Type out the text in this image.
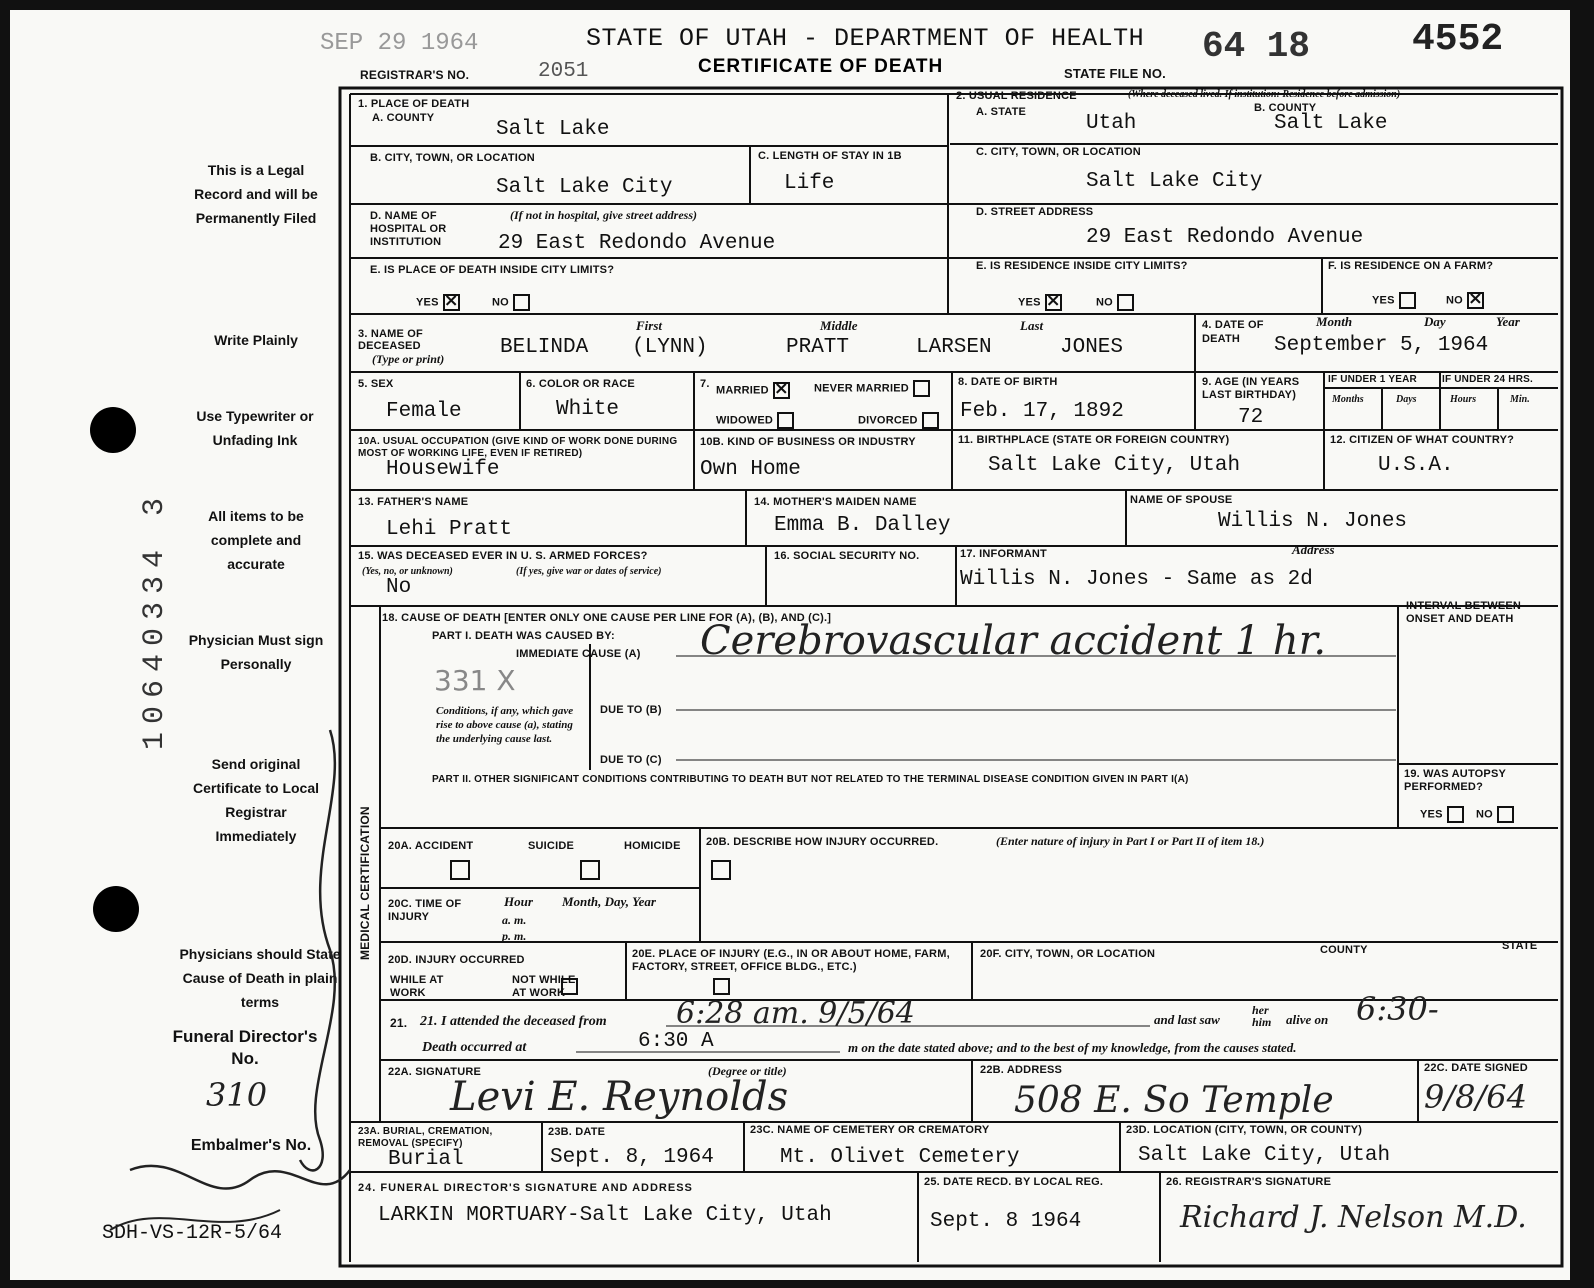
SEP 29 1964	STATE OF UTAH - DEPARTMENT OF HEALTH
REGISTRAR'S NO.	2051	CERTIFICATE OF DEATH	STATE FILE NO.
64 18	4552
This is a Legal Record and will be Permanently Filed
Write Plainly
Use Typewriter or Unfading Ink
All items to be complete and accurate
Physician Must sign Personally
Send original Certificate to Local Registrar Immediately
Physicians should State Cause of Death in plain terms
Funeral Director's No.
310
Embalmer's No.
SDH-VS-12R-5/64
10640334 3
MEDICAL CERTIFICATION
1. PLACE OF DEATH
A. COUNTY	Salt Lake
B. CITY, TOWN, OR LOCATION
Salt Lake City
C. LENGTH OF STAY IN 1B
Life
D. NAME OF HOSPITAL OR INSTITUTION
(If not in hospital, give street address)
29 East Redondo Avenue
E. IS PLACE OF DEATH INSIDE CITY LIMITS?
YES ×	NO
2. USUAL RESIDENCE	(Where deceased lived. If institution: Residence before admission)
A. STATE	Utah
B. COUNTY
Salt Lake
C. CITY, TOWN, OR LOCATION
Salt Lake City
D. STREET ADDRESS
29 East Redondo Avenue
E. IS RESIDENCE INSIDE CITY LIMITS?
YES ×	NO
F. IS RESIDENCE ON A FARM?
YES	NO×
3. NAME OF DECEASED
(Type or print)
First	Middle	Last
BELINDA (LYNN)	PRATT	LARSEN	JONES
4. DATE OF DEATH
Month	Day	Year
September 5, 1964
5. SEX
Female
6. COLOR OR RACE
White
7.
MARRIED ×	NEVER MARRIED
WIDOWED	DIVORCED
8. DATE OF BIRTH
Feb. 17, 1892
9. AGE (IN YEARS LAST BIRTHDAY)
72
IF UNDER 1 YEAR	IF UNDER 24 HRS.
Months	Days	Hours	Min.
10A. USUAL OCCUPATION (GIVE KIND OF WORK DONE DURING MOST OF WORKING LIFE, EVEN IF RETIRED)
Housewife
10B. KIND OF BUSINESS OR INDUSTRY
Own Home
11. BIRTHPLACE (STATE OR FOREIGN COUNTRY)
Salt Lake City, Utah
12. CITIZEN OF WHAT COUNTRY?
U.S.A.
13. FATHER'S NAME
Lehi Pratt
14. MOTHER'S MAIDEN NAME
Emma B. Dalley
NAME OF SPOUSE
Willis N. Jones
15. WAS DECEASED EVER IN U. S. ARMED FORCES?
(Yes, no, or unknown)	(If yes, give war or dates of service)
No
16. SOCIAL SECURITY NO.	17. INFORMANT	Address
Willis N. Jones - Same as 2d
18. CAUSE OF DEATH [ENTER ONLY ONE CAUSE PER LINE FOR (A), (B), AND (C).]
PART I. DEATH WAS CAUSED BY:
IMMEDIATE CAUSE (A) Cerebrovascular accident 1 hr.
331 X
Conditions, if any, which gave rise to above cause (a), stating the underlying cause last.
DUE TO (B)
DUE TO (C)
INTERVAL BETWEEN ONSET AND DEATH
PART II. OTHER SIGNIFICANT CONDITIONS CONTRIBUTING TO DEATH BUT NOT RELATED TO THE TERMINAL DISEASE CONDITION GIVEN IN PART I(A)	19. WAS AUTOPSY PERFORMED?
YES	NO
20A. ACCIDENT	SUICIDE	HOMICIDE
20B. DESCRIBE HOW INJURY OCCURRED.	(Enter nature of injury in Part I or Part II of item 18.)
20C. TIME OF INJURY
Hour
a. m.
p. m.
Month, Day, Year
20D. INJURY OCCURRED
WHILE AT WORK

NOT WHILE AT WORK
20E. PLACE OF INJURY (E.G., IN OR ABOUT HOME, FARM, FACTORY, STREET, OFFICE BLDG., ETC.)
20F. CITY, TOWN, OR LOCATION	COUNTY	STATE
21. 21. I attended the deceased from 6:28 am. 9/5/64	and last saw
her him	alive on 6:30-
Death occurred at	6:30 A	m on the date stated above; and to the best of my knowledge, from the causes stated.
22A. SIGNATURE	(Degree or title)
Levi E. Reynolds
22B. ADDRESS
508 E. So Temple
22C. DATE SIGNED
9/8/64
23A. BURIAL, CREMATION, REMOVAL (SPECIFY)
Burial
23B. DATE
Sept. 8, 1964
23C. NAME OF CEMETERY OR CREMATORY
Mt. Olivet Cemetery
23D. LOCATION (CITY, TOWN, OR COUNTY)
Salt Lake City, Utah
24. FUNERAL DIRECTOR'S SIGNATURE AND ADDRESS
LARKIN MORTUARY-Salt Lake City, Utah
25. DATE RECD. BY LOCAL REG.
Sept. 8 1964
26. REGISTRAR'S SIGNATURE
Richard J. Nelson M.D.
